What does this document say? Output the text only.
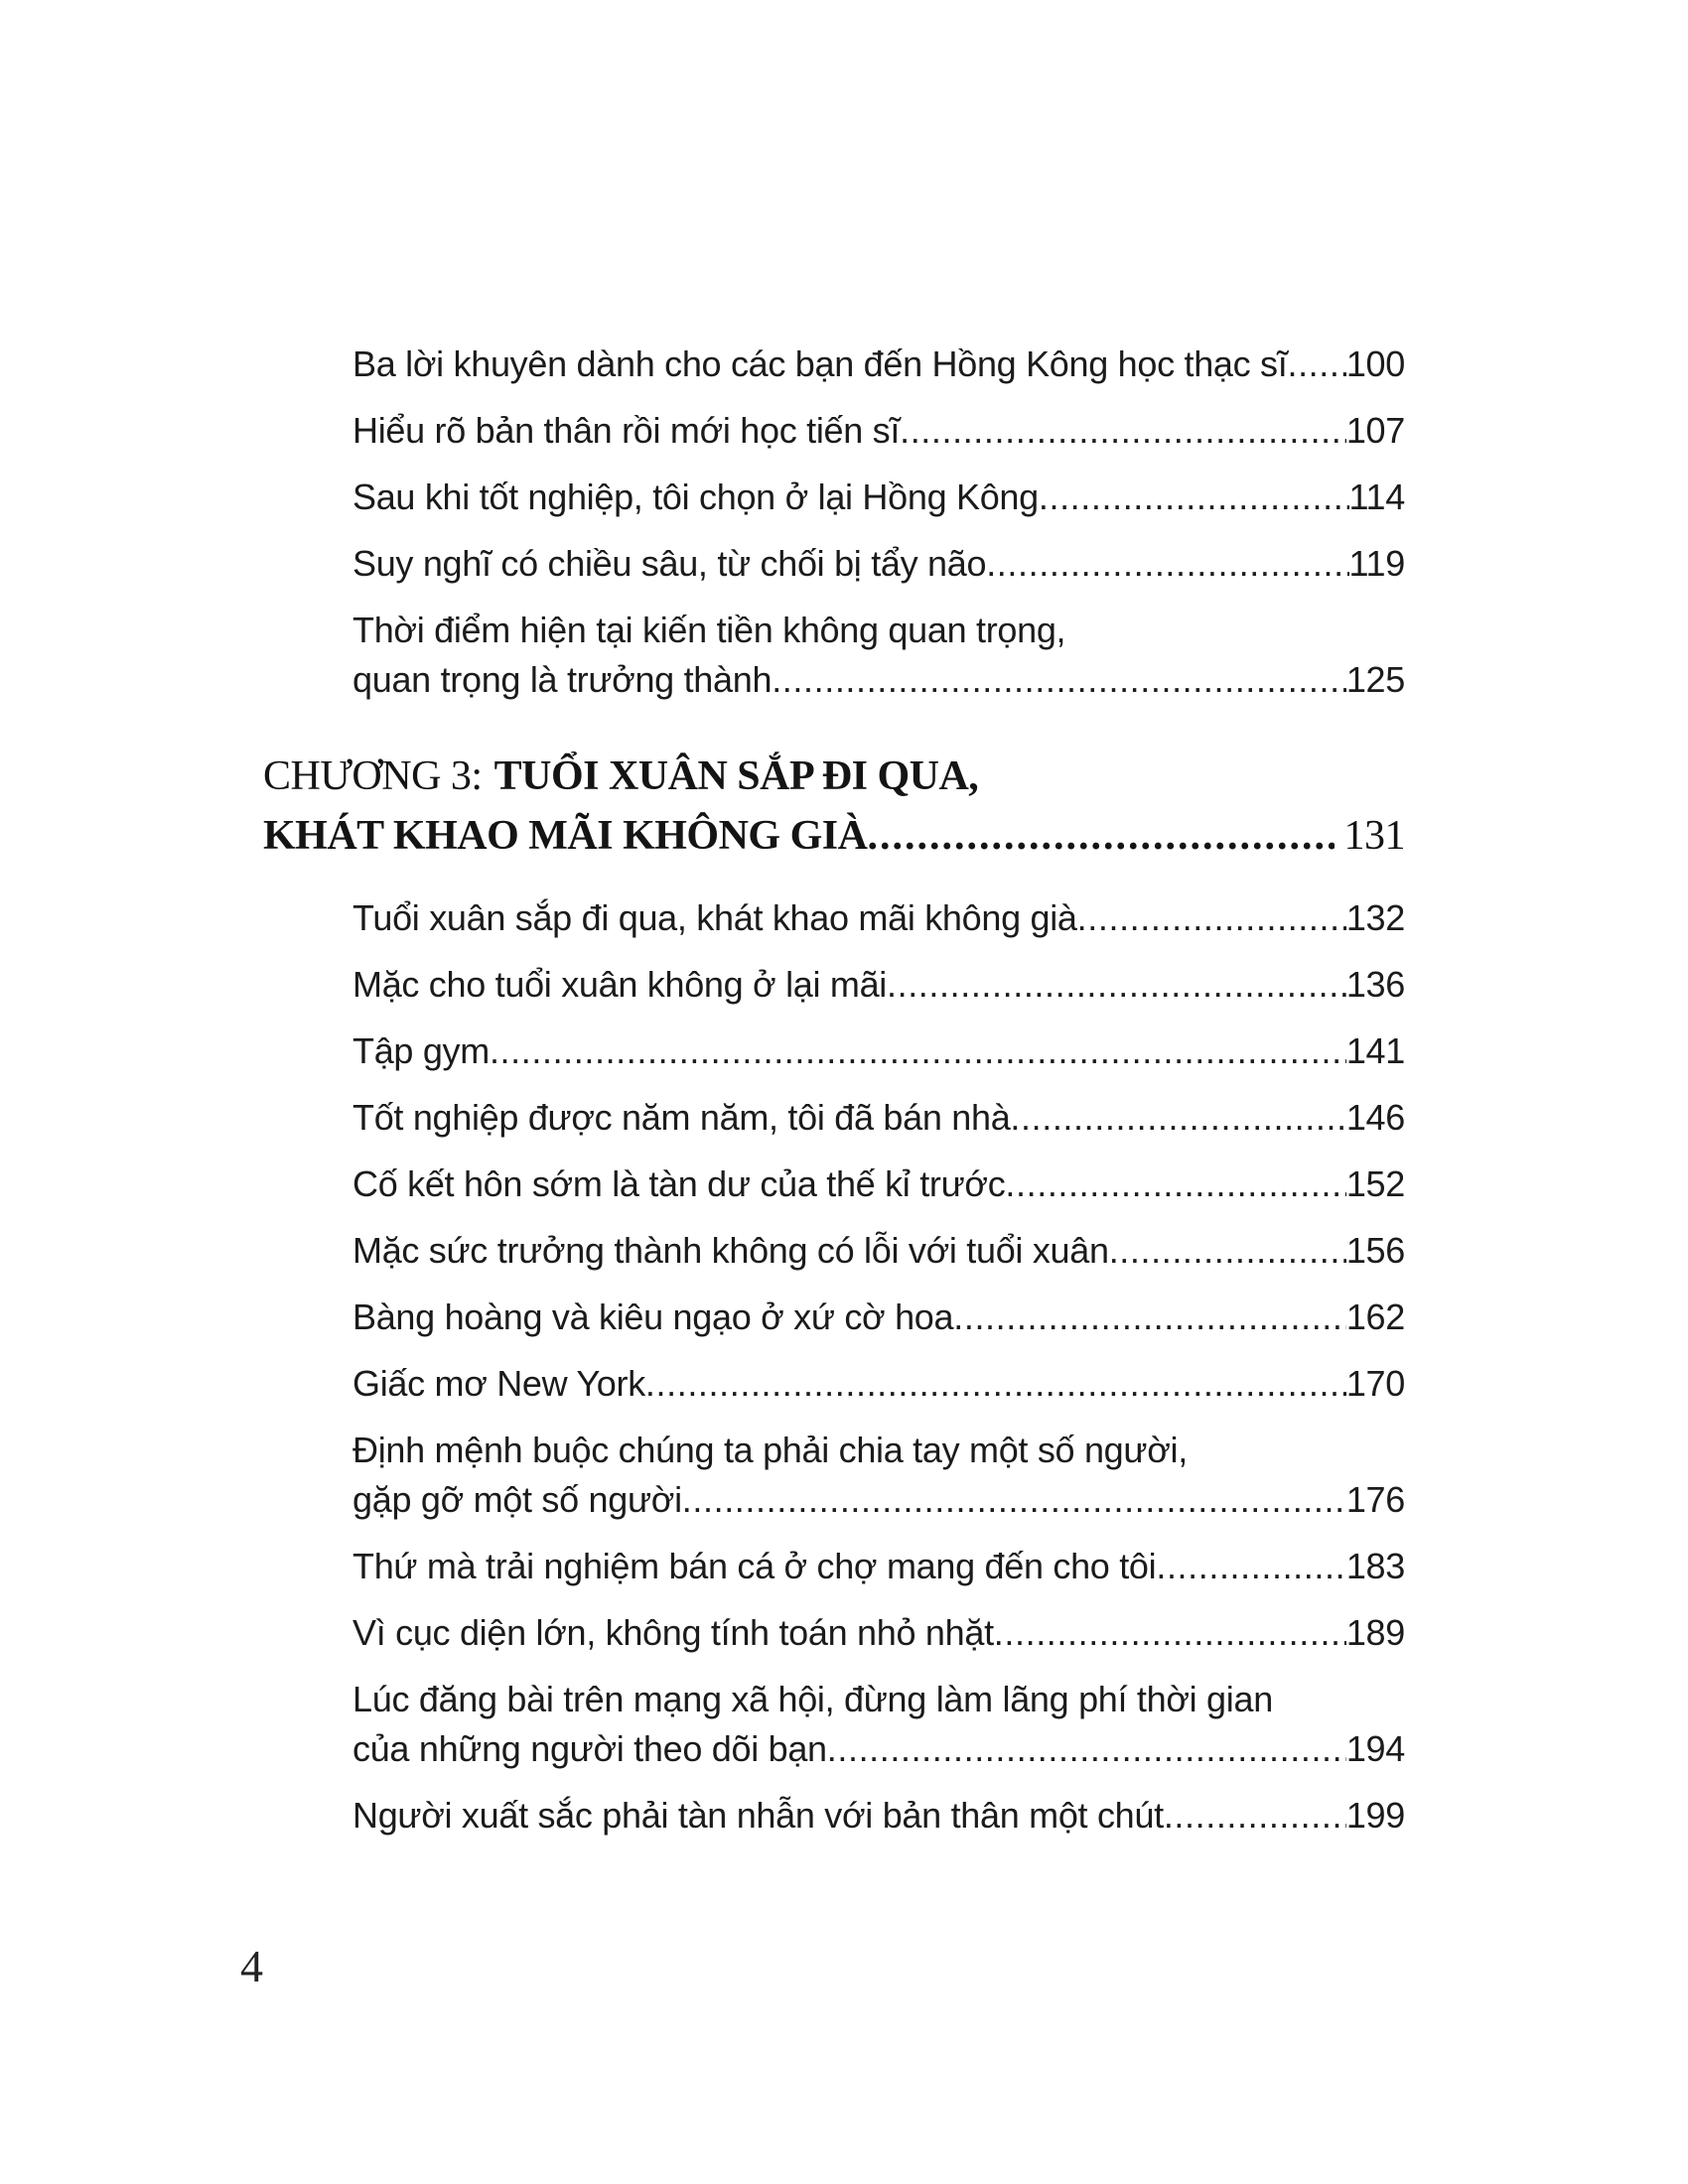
Ba lời khuyên dành cho các bạn đến Hồng Kông học thạc sĩ ..... 100
Hiểu rõ bản thân rồi mới học tiến sĩ .....	107
Sau khi tốt nghiệp, tôi chọn ở lại Hồng Kông .....	114
Suy nghĩ có chiều sâu, từ chối bị tẩy não .....	119
Thời điểm hiện tại kiến tiền không quan trọng,
quan trọng là trưởng thành .....	125
CHƯƠNG 3: TUỔI XUÂN SẮP ĐI QUA,
KHÁT KHAO MÃI KHÔNG GIÀ .....	131
Tuổi xuân sắp đi qua, khát khao mãi không già .....	132
Mặc cho tuổi xuân không ở lại mãi .....	136
Tập gym .....	141
Tốt nghiệp được năm năm, tôi đã bán nhà .....	146
Cố kết hôn sớm là tàn dư của thế kỉ trước .....	152
Mặc sức trưởng thành không có lỗi với tuổi xuân .....	156
Bàng hoàng và kiêu ngạo ở xứ cờ hoa .....	162
Giấc mơ New York .....	170
Định mệnh buộc chúng ta phải chia tay một số người,
gặp gỡ một số người .....	176
Thứ mà trải nghiệm bán cá ở chợ mang đến cho tôi .....	183
Vì cục diện lớn, không tính toán nhỏ nhặt .....	189
Lúc đăng bài trên mạng xã hội, đừng làm lãng phí thời gian
của những người theo dõi bạn .....	194
Người xuất sắc phải tàn nhẫn với bản thân một chút .....	199
4
